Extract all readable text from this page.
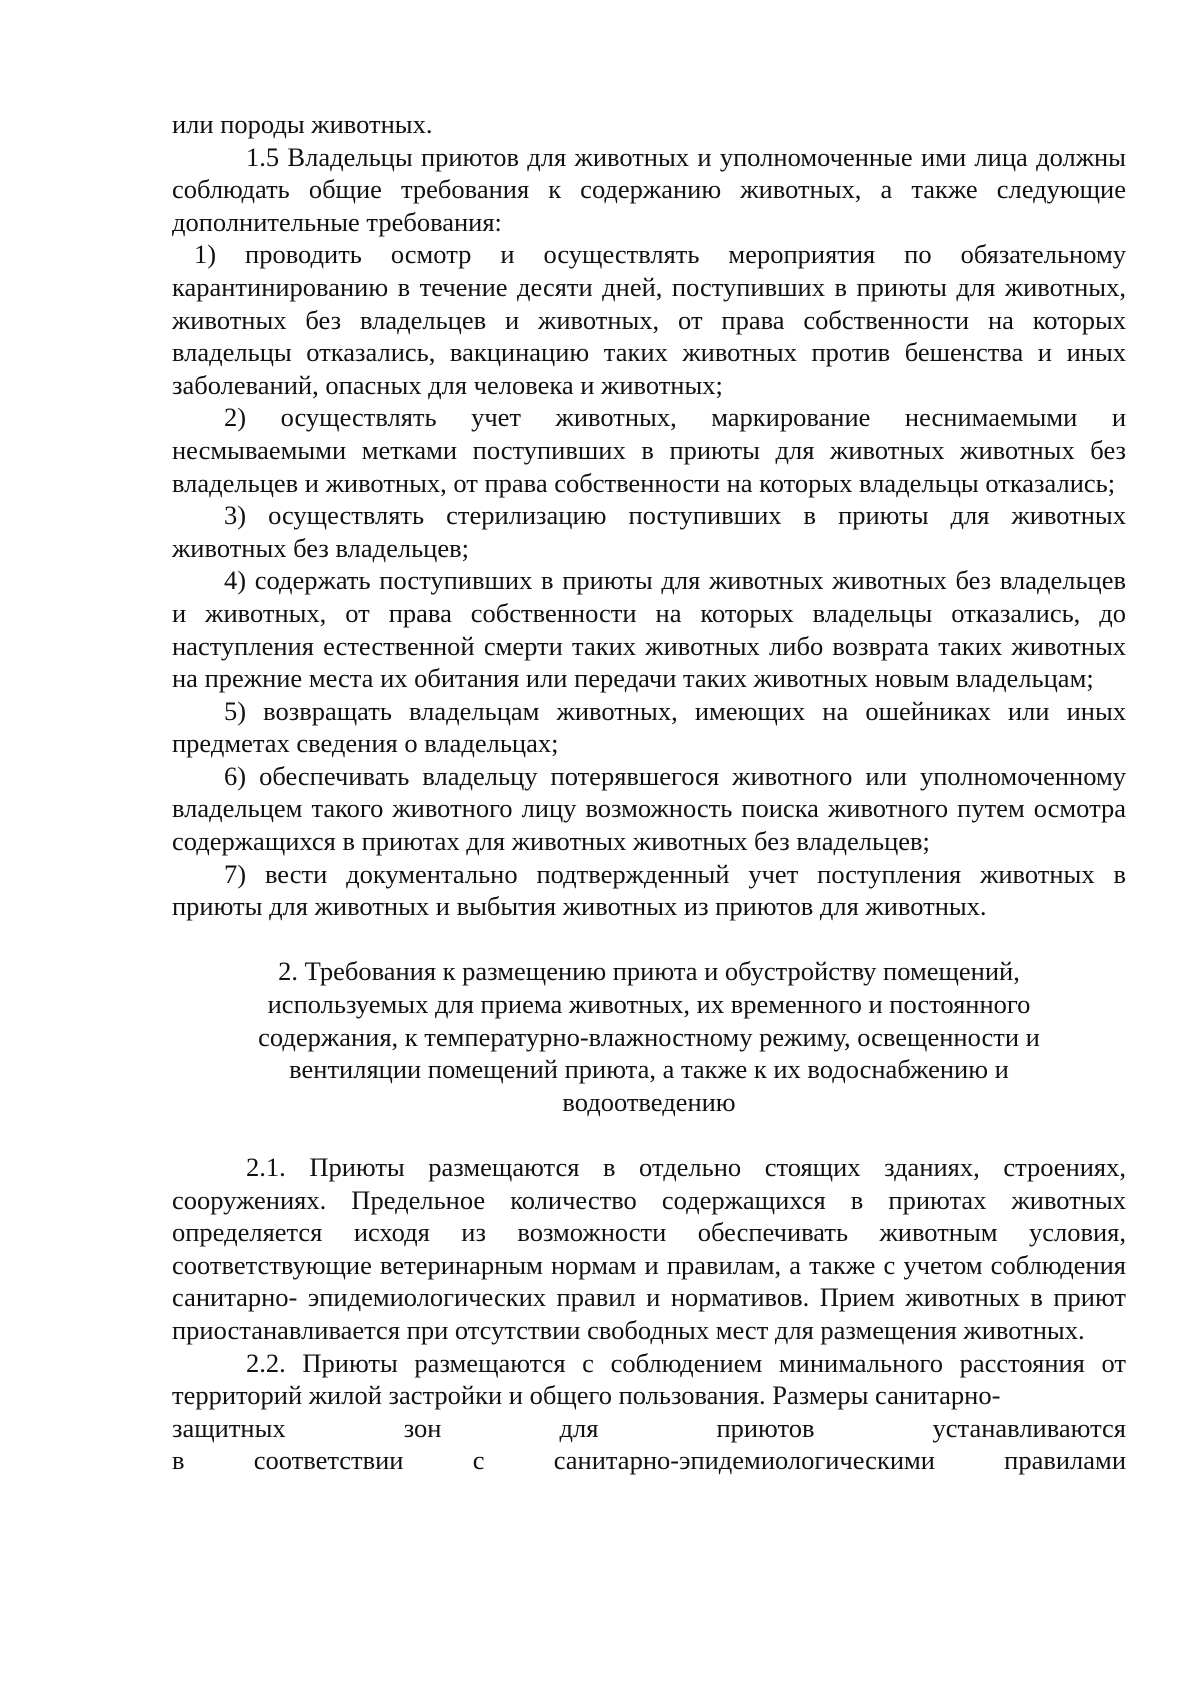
или породы животных.

1.5 Владельцы приютов для животных и уполномоченные ими лица должны соблюдать общие требования к содержанию животных, а также следующие дополнительные требования:

1) проводить осмотр и осуществлять мероприятия по обязательному карантинированию в течение десяти дней, поступивших в приюты для животных, животных без владельцев и животных, от права собственности на которых владельцы отказались, вакцинацию таких животных против бешенства и иных заболеваний, опасных для человека и животных;

2) осуществлять учет животных, маркирование неснимаемыми и несмываемыми метками поступивших в приюты для животных животных без владельцев и животных, от права собственности на которых владельцы отказались;

3) осуществлять стерилизацию поступивших в приюты для животных животных без владельцев;

4) содержать поступивших в приюты для животных животных без владельцев и животных, от права собственности на которых владельцы отказались, до наступления естественной смерти таких животных либо возврата таких животных на прежние места их обитания или передачи таких животных новым владельцам;

5) возвращать владельцам животных, имеющих на ошейниках или иных предметах сведения о владельцах;

6) обеспечивать владельцу потерявшегося животного или уполномоченному владельцем такого животного лицу возможность поиска животного путем осмотра содержащихся в приютах для животных животных без владельцев;

7) вести документально подтвержденный учет поступления животных в приюты для животных и выбытия животных из приютов для животных.

2. Требования к размещению приюта и обустройству помещений, используемых для приема животных, их временного и постоянного содержания, к температурно-влажностному режиму, освещенности и вентиляции помещений приюта, а также к их водоснабжению и водоотведению

2.1. Приюты размещаются в отдельно стоящих зданиях, строениях, сооружениях. Предельное количество содержащихся в приютах животных определяется исходя из возможности обеспечивать животным условия, соответствующие ветеринарным нормам и правилам, а также с учетом соблюдения санитарно- эпидемиологических правил и нормативов. Прием животных в приют приостанавливается при отсутствии свободных мест для размещения животных.

2.2. Приюты размещаются с соблюдением минимального расстояния от территорий жилой застройки и общего пользования. Размеры санитарно-

защитных	зон	для	приютов	устанавливаются
в	соответствии	с	санитарно-эпидемиологическими	правилами
